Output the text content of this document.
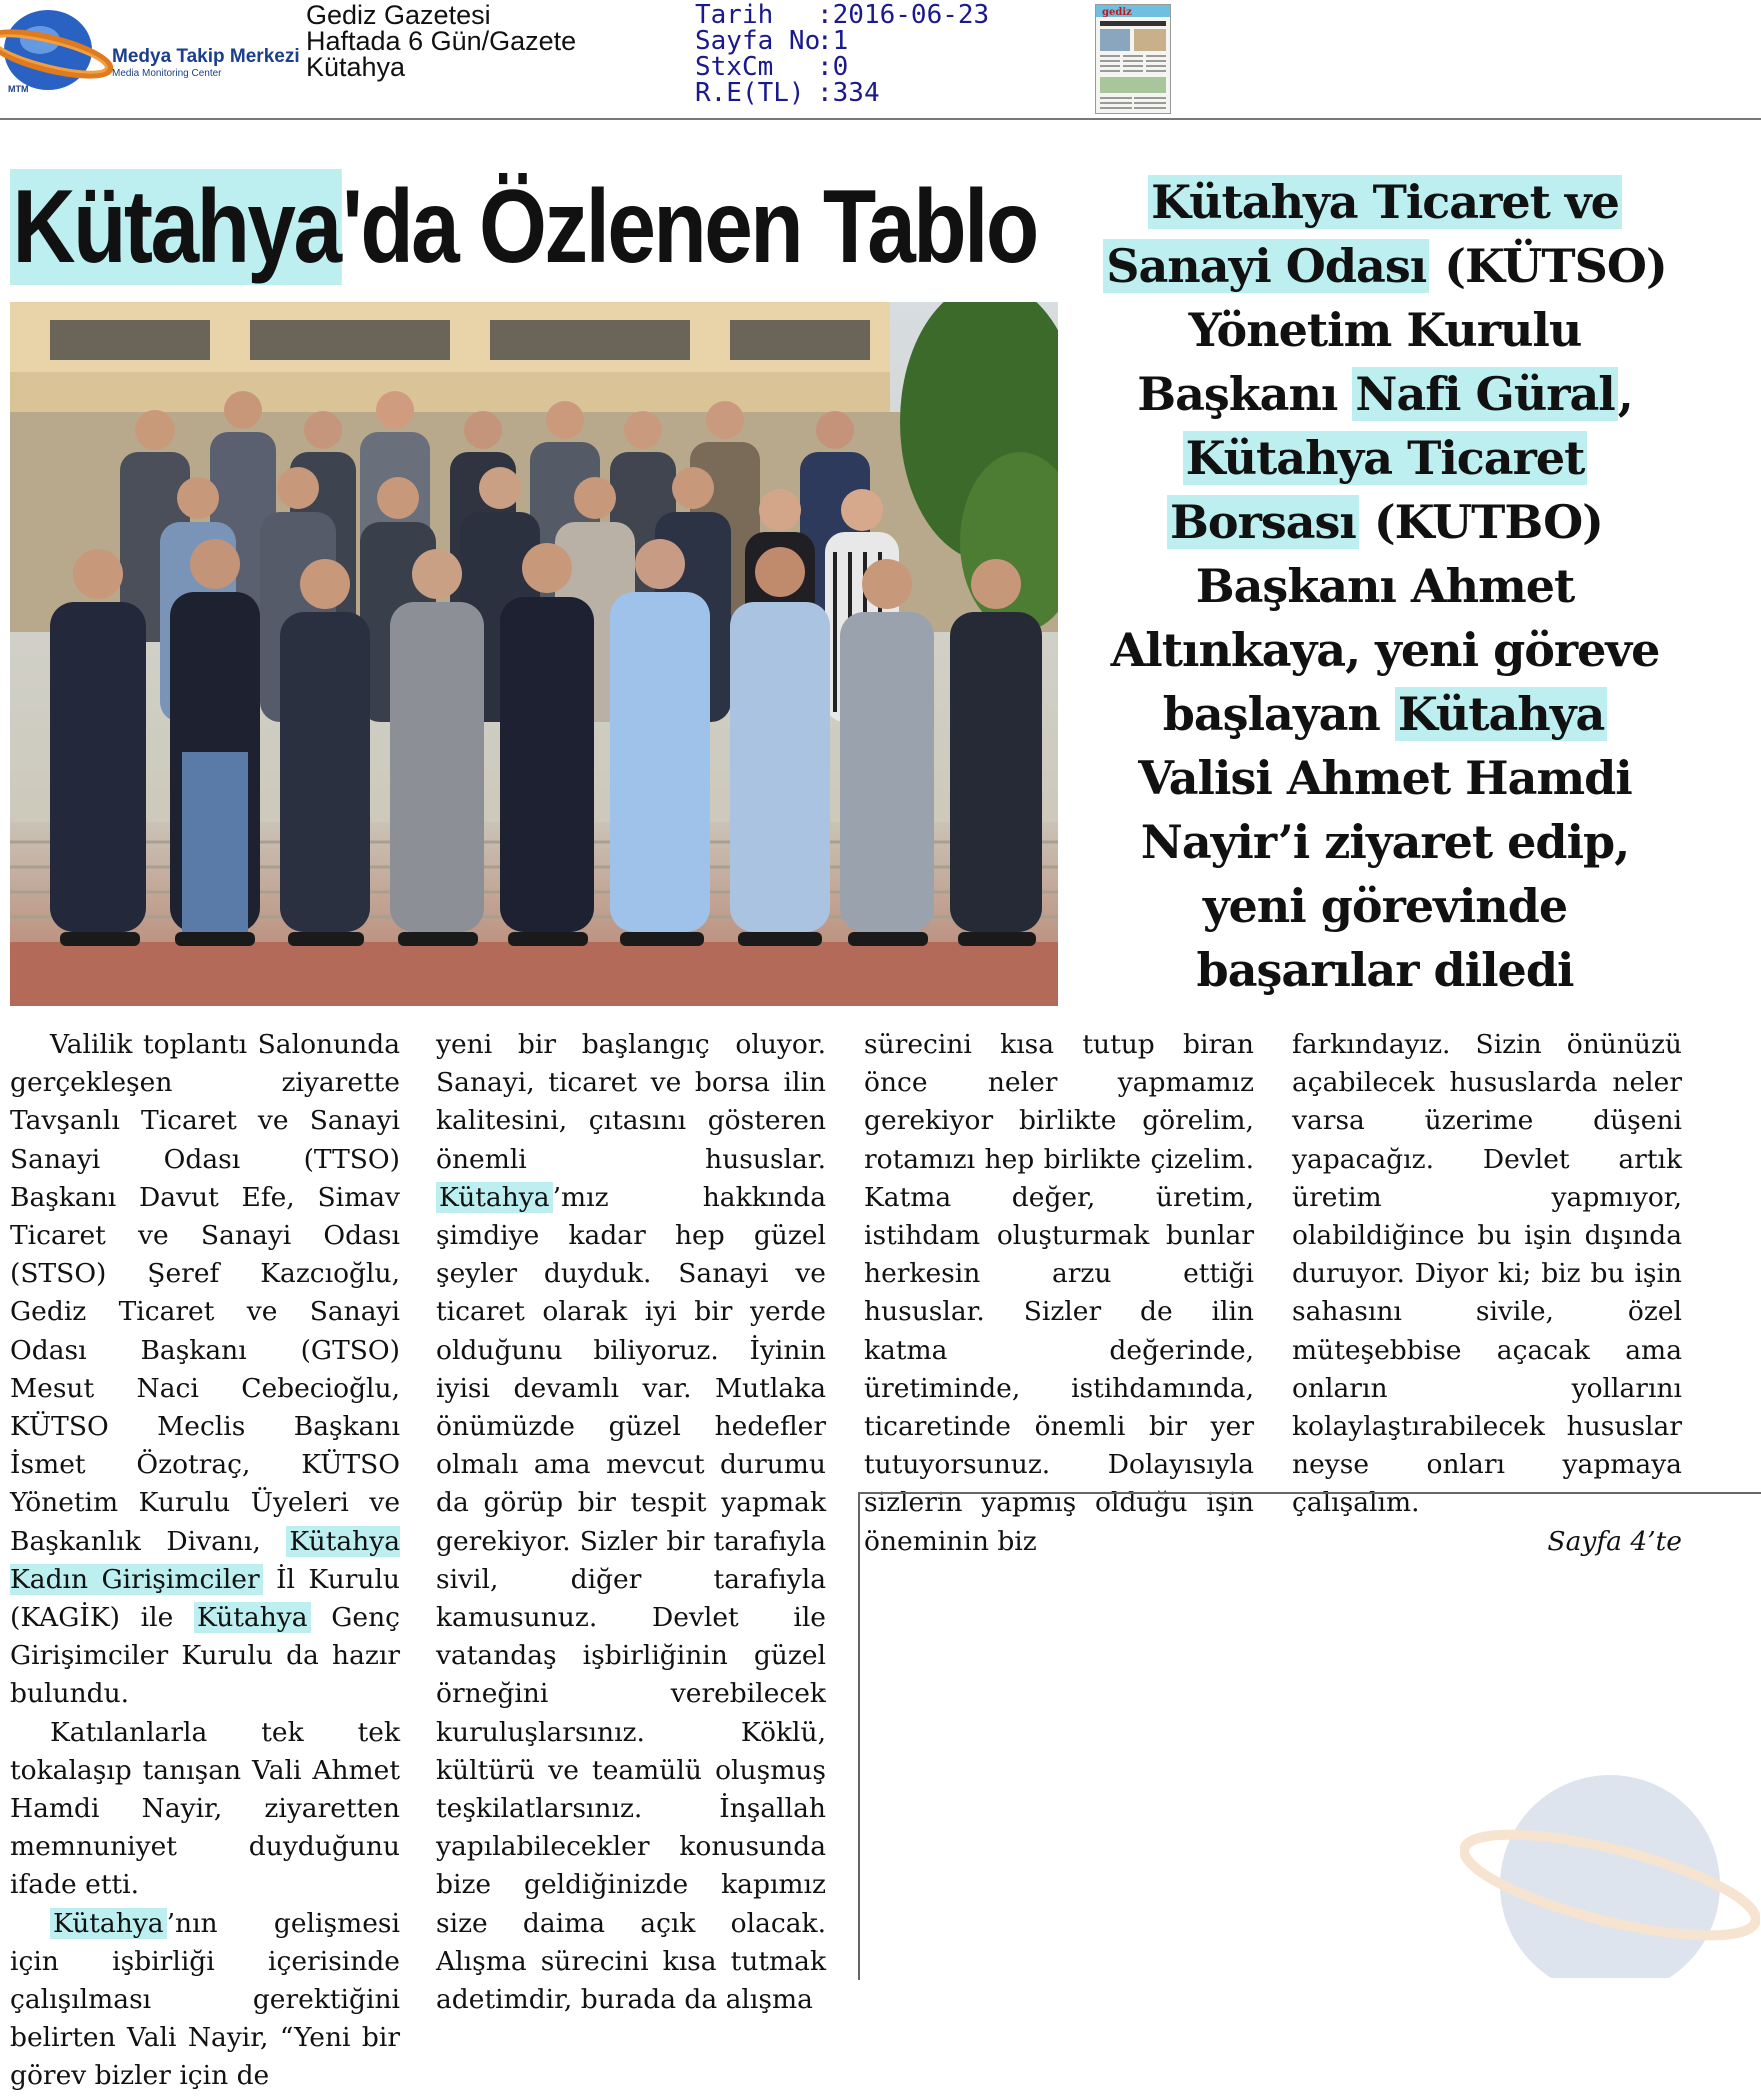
Medya Takip Merkezi
Media Monitoring Center
MTM
Gediz Gazetesi
Haftada 6 Gün/Gazete
Kütahya
Tarih :2016-06-23
Sayfa No
:1
StxCm :0
R.E(TL) :334
gediz
Kütahya'da Özlenen Tablo	Kütahya Ticaret ve
Sanayi Odası (KÜTSO)
Yönetim Kurulu
Başkanı Nafi Güral,
Kütahya Ticaret
Borsası (KUTBO)
Başkanı Ahmet
Altınkaya, yeni göreve
başlayan Kütahya
Valisi Ahmet Hamdi
Nayir’i ziyaret edip,
yeni görevinde
başarılar diledi

Valilik toplantı Salonunda gerçekleşen ziyarette Tavşanlı Ticaret ve Sanayi Sanayi Odası (TTSO) Başkanı Davut Efe, Simav Ticaret ve Sanayi Odası (STSO) Şeref Kazcıoğlu, Gediz Ticaret ve Sanayi Odası Başkanı (GTSO) Mesut Naci Cebecioğlu, KÜTSO Meclis Başkanı İsmet Özotraç, KÜTSO Yönetim Kurulu Üyeleri ve Başkanlık Divanı, Kütahya Kadın Girişimciler İl Kurulu (KAGİK) ile Kütahya Genç Girişimciler Kurulu da hazır bulundu.

Katılanlarla tek tek tokalaşıp tanışan Vali Ahmet Hamdi Nayir, ziyaretten memnuniyet duyduğunu ifade etti.

Kütahya ’nın gelişmesi için işbirliği içerisinde çalışılması gerektiğini belirten Vali Nayir, “Yeni bir görev bizler için de

yeni bir başlangıç oluyor. Sanayi, ticaret ve borsa ilin kalitesini, çıtasını gösteren önemli hususlar. Kütahya ’mız hakkında şimdiye kadar hep güzel şeyler duyduk. Sanayi ve ticaret olarak iyi bir yerde olduğunu biliyoruz. İyinin iyisi devamlı var. Mutlaka önümüzde güzel hedefler olmalı ama mevcut durumu da görüp bir tespit yapmak gerekiyor. Sizler bir tarafıyla sivil, diğer tarafıyla kamusunuz. Devlet ile vatandaş işbirliğinin güzel örneğini verebilecek kuruluşlarsınız. Köklü, kültürü ve teamülü oluşmuş teşkilatlarsınız. İnşallah yapılabilecekler konusunda bize geldiğinizde kapımız size daima açık olacak. Alışma sürecini kısa tutmak adetimdir, burada da alışma

sürecini kısa tutup biran önce neler yapmamız gerekiyor birlikte görelim, rotamızı hep birlikte çizelim. Katma değer, üretim, istihdam oluşturmak bunlar herkesin arzu ettiği hususlar. Sizler de ilin katma değerinde, üretiminde, istihdamında, ticaretinde önemli bir yer tutuyorsunuz. Dolayısıyla sizlerin yapmış olduğu işin öneminin biz

farkındayız. Sizin önünüzü açabilecek hususlarda neler varsa üzerime düşeni yapacağız. Devlet artık üretim yapmıyor, olabildiğince bu işin dışında duruyor. Diyor ki; biz bu işin sahasını sivile, özel müteşebbise açacak ama onların yollarını kolaylaştırabilecek hususlar neyse onları yapmaya çalışalım.

Sayfa 4’te
